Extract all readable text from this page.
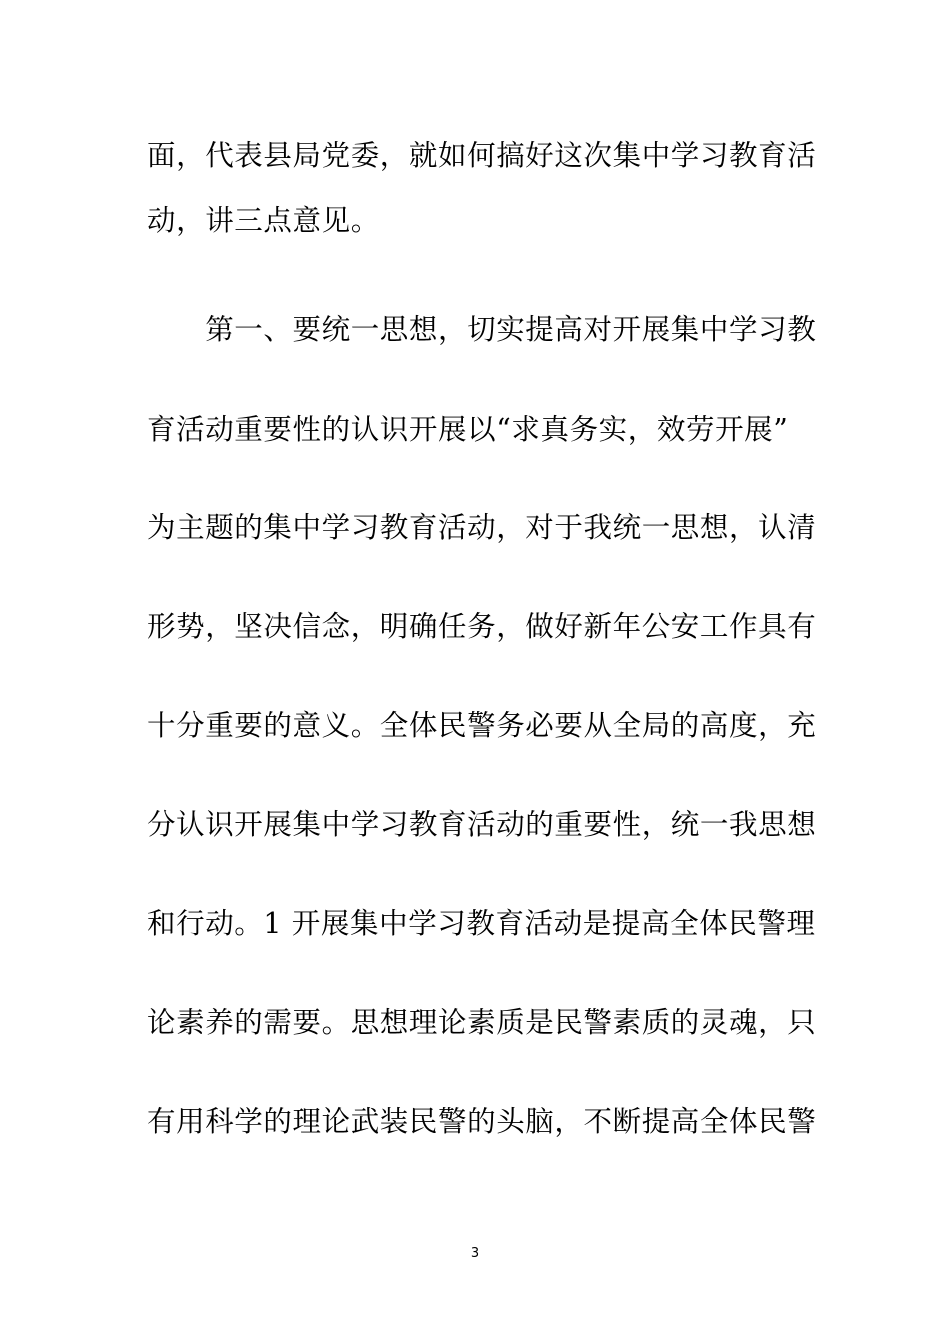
面，代表县局党委，就如何搞好这次集中学习教育活
动，讲三点意见。
　　第一、要统一思想，切实提高对开展集中学习教
育活动重要性的认识开展以“求真务实，效劳开展”
为主题的集中学习教育活动，对于我统一思想，认清
形势，坚决信念，明确任务，做好新年公安工作具有
十分重要的意义。全体民警务必要从全局的高度，充
分认识开展集中学习教育活动的重要性，统一我思想
和行动。1 开展集中学习教育活动是提高全体民警理
论素养的需要。思想理论素质是民警素质的灵魂，只
有用科学的理论武装民警的头脑，不断提高全体民警
3
